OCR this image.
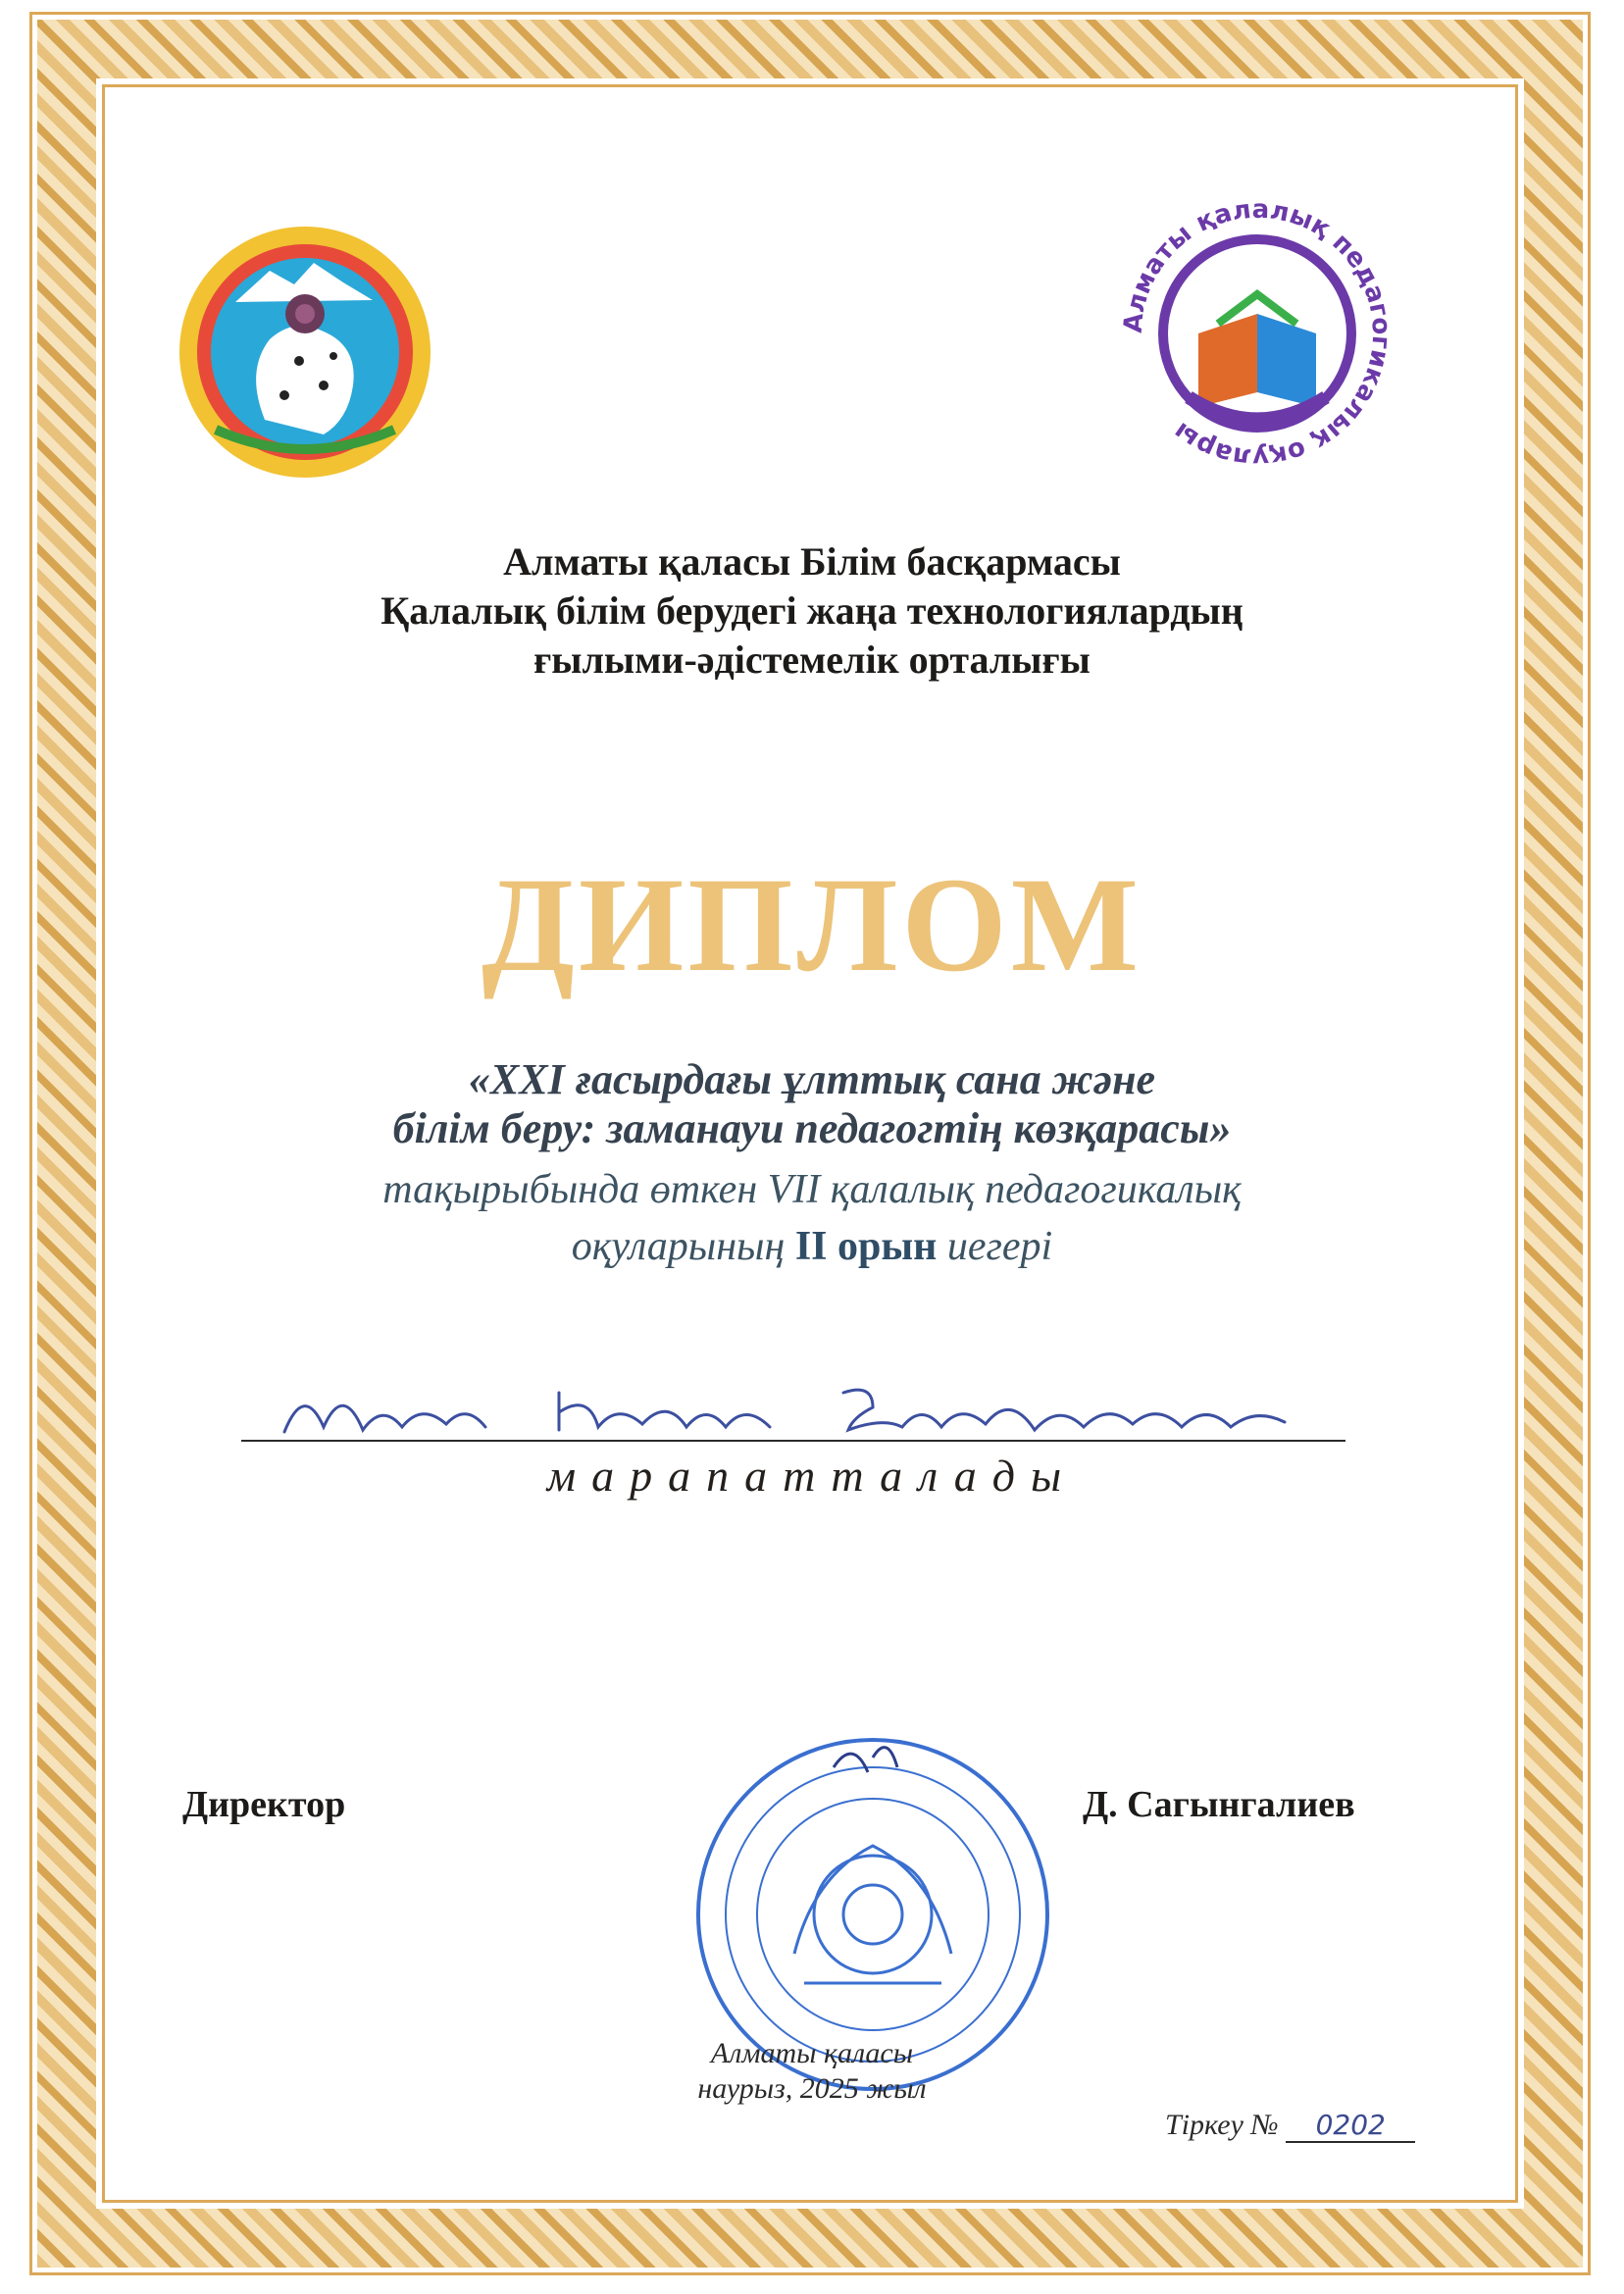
Алматы қалалық педагогикалық оқулары
Алматы қаласы Білім басқармасы
Қалалық білім берудегі жаңа технологиялардың
ғылыми-әдістемелік орталығы
ДИПЛОМ
«XXI ғасырдағы ұлттық сана және
білім беру: заманауи педагогтің көзқарасы»
тақырыбында өткен VII қалалық педагогикалық
оқуларының II орын иегері
марапатталады
Директор	Д. Сагынгалиев
Алматы қаласы
наурыз, 2025 жыл
Тіркеу № 0202
